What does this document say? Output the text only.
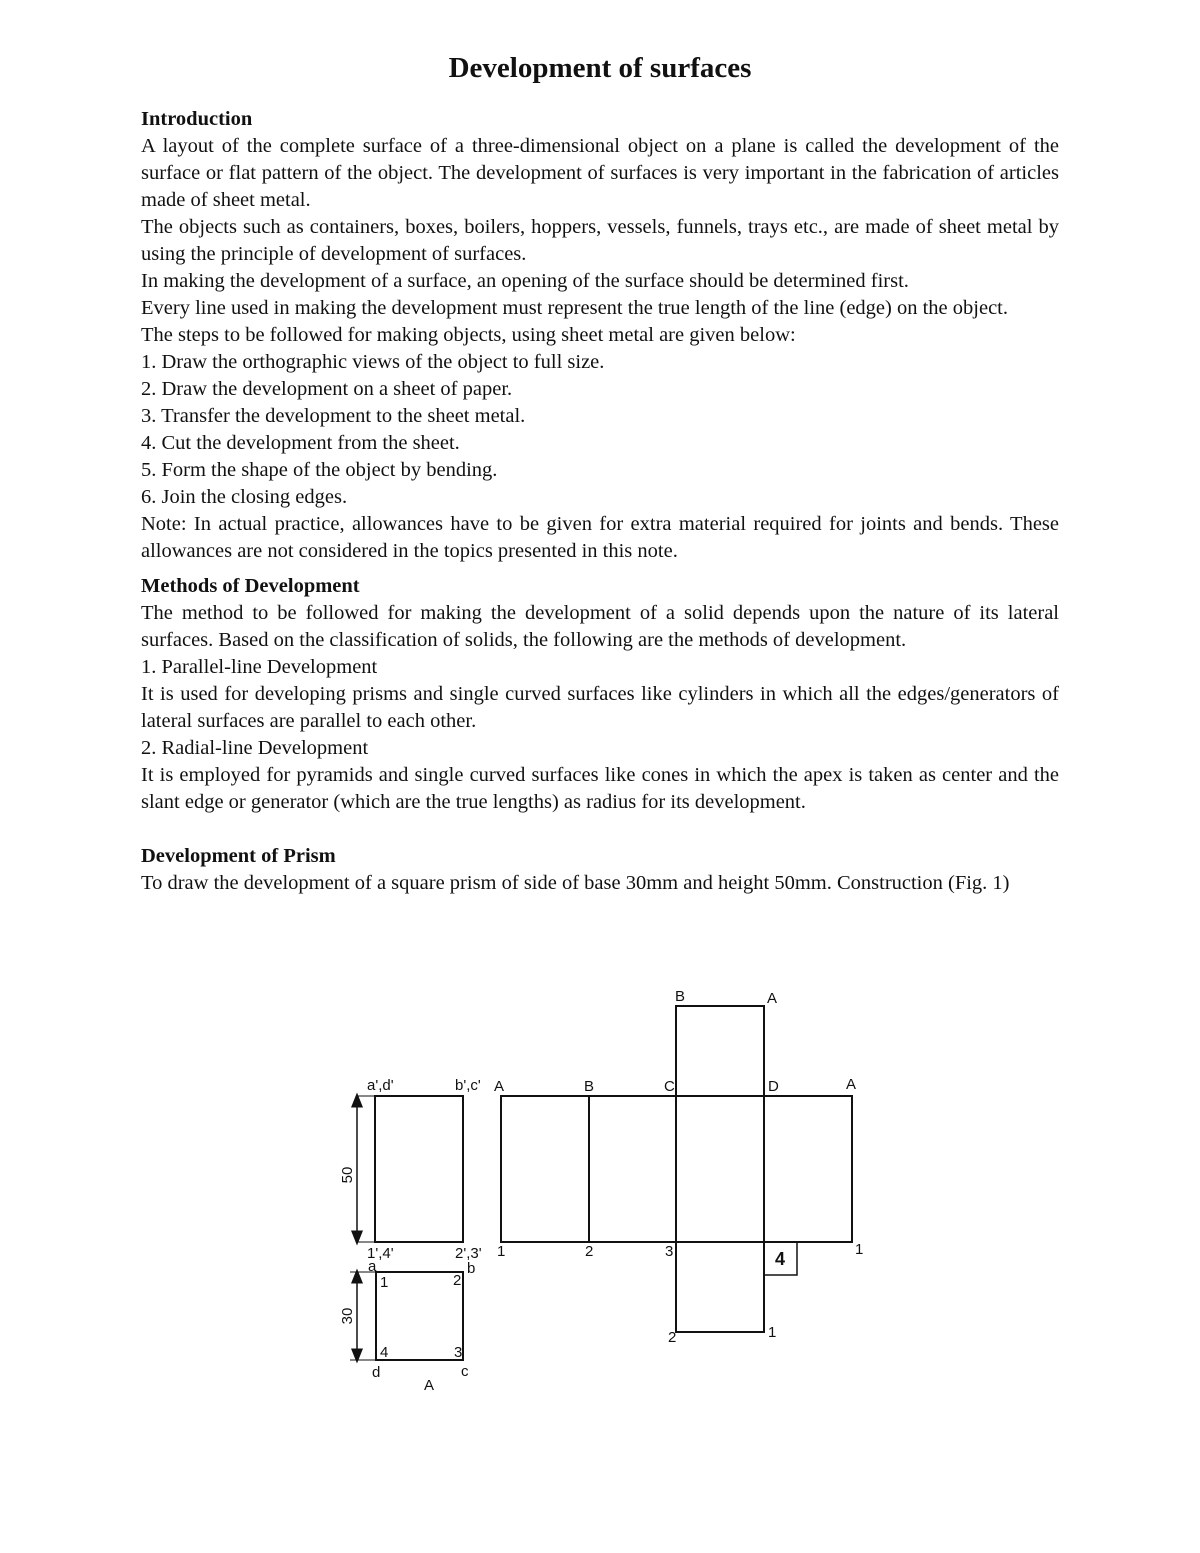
Development of surfaces
Introduction

A layout of the complete surface of a three-dimensional object on a plane is called the development of the surface or flat pattern of the object. The development of surfaces is very important in the fabrication of articles made of sheet metal.

The objects such as containers, boxes, boilers, hoppers, vessels, funnels, trays etc., are made of sheet metal by using the principle of development of surfaces.

In making the development of a surface, an opening of the surface should be determined first.

Every line used in making the development must represent the true length of the line (edge) on the object.

The steps to be followed for making objects, using sheet metal are given below:

1. Draw the orthographic views of the object to full size.

2. Draw the development on a sheet of paper.

3. Transfer the development to the sheet metal.

4. Cut the development from the sheet.

5. Form the shape of the object by bending.

6. Join the closing edges.

Note: In actual practice, allowances have to be given for extra material required for joints and bends. These allowances are not considered in the topics presented in this note.

Methods of Development

The method to be followed for making the development of a solid depends upon the nature of its lateral surfaces. Based on the classification of solids, the following are the methods of development.

1. Parallel-line Development

It is used for developing prisms and single curved surfaces like cylinders in which all the edges/generators of lateral surfaces are parallel to each other.

2. Radial-line Development

It is employed for pyramids and single curved surfaces like cones in which the apex is taken as center and the slant edge or generator (which are the true lengths) as radius for its development.

Development of Prism

To draw the development of a square prism of side of base 30mm and height 50mm. Construction (Fig. 1)

a',d'	b',c'
1',4'	2',3'
50
a	b
c
d
1	2
3
4
30
A
A	B	C	D	A
1	2	3	4	1
B	A
2	1
